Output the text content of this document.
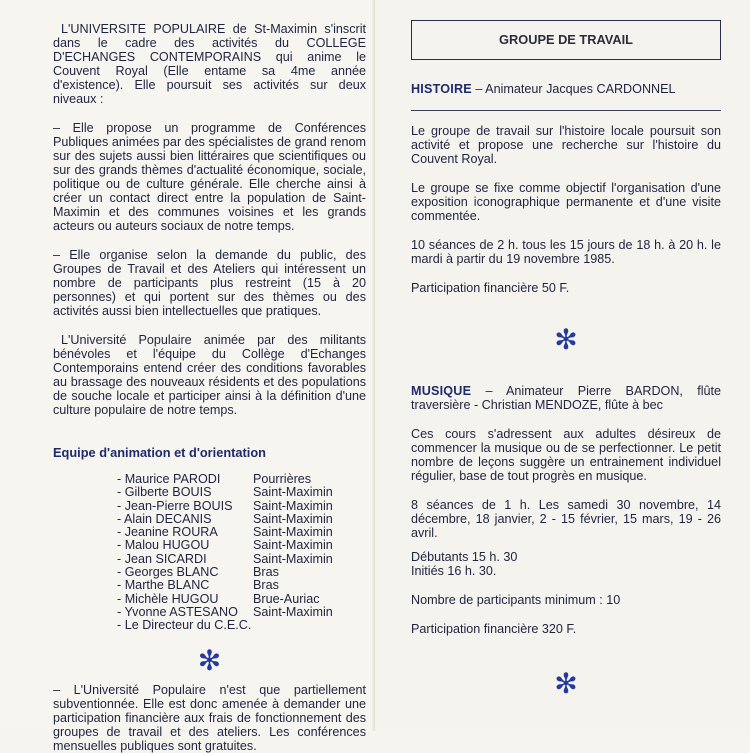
L'UNIVERSITE POPULAIRE de St-Maximin s'inscrit dans le cadre des activités du COLLEGE D'ECHANGES CONTEMPORAINS qui anime le Couvent Royal (Elle entame sa 4me année d'existence). Elle poursuit ses activités sur deux niveaux :

– Elle propose un programme de Conférences Publiques animées par des spécialistes de grand renom sur des sujets aussi bien littéraires que scientifiques ou sur des grands thèmes d'actualité économique, sociale, politique ou de culture générale. Elle cherche ainsi à créer un contact direct entre la population de Saint-Maximin et des communes voisines et les grands acteurs ou auteurs sociaux de notre temps.

– Elle organise selon la demande du public, des Groupes de Travail et des Ateliers qui intéressent un nombre de participants plus restreint (15 à 20 personnes) et qui portent sur des thèmes ou des activités aussi bien intellectuelles que pratiques.

L'Université Populaire animée par des militants bénévoles et l'équipe du Collège d'Echanges Contemporains entend créer des conditions favorables au brassage des nouveaux résidents et des populations de souche locale et participer ainsi à la définition d'une culture populaire de notre temps.

Equipe d'animation et d'orientation

- Maurice PARODI	Pourrières
- Gilberte BOUIS	Saint-Maximin
- Jean-Pierre BOUIS	Saint-Maximin
- Alain DECANIS	Saint-Maximin
- Jeanine ROURA	Saint-Maximin
- Malou HUGOU	Saint-Maximin
- Jean SICARDI	Saint-Maximin
- Georges BLANC	Bras
- Marthe BLANC	Bras
- Michèle HUGOU	Brue-Auriac
- Yvonne ASTESANO	Saint-Maximin
- Le Directeur du C.E.C.
✻

– L'Université Populaire n'est que partiellement subventionnée. Elle est donc amenée à demander une participation financière aux frais de fonctionnement des groupes de travail et des ateliers. Les conférences mensuelles publiques sont gratuites.

GROUPE DE TRAVAIL

HISTOIRE – Animateur Jacques CARDONNEL

Le groupe de travail sur l'histoire locale poursuit son activité et propose une recherche sur l'histoire du Couvent Royal.

Le groupe se fixe comme objectif l'organisation d'une exposition iconographique permanente et d'une visite commentée.

10 séances de 2 h. tous les 15 jours de 18 h. à 20 h. le mardi à partir du 19 novembre 1985.

Participation financière 50 F.

✻

MUSIQUE – Animateur Pierre BARDON, flûte traversière - Christian MENDOZE, flûte à bec

Ces cours s'adressent aux adultes désireux de commencer la musique ou de se perfectionner. Le petit nombre de leçons suggère un entrainement individuel régulier, base de tout progrès en musique.

8 séances de 1 h. Les samedi 30 novembre, 14 décembre, 18 janvier, 2 - 15 février, 15 mars, 19 - 26 avril.

Débutants 15 h. 30

Initiés 16 h. 30.

Nombre de participants minimum : 10

Participation financière 320 F.

✻
